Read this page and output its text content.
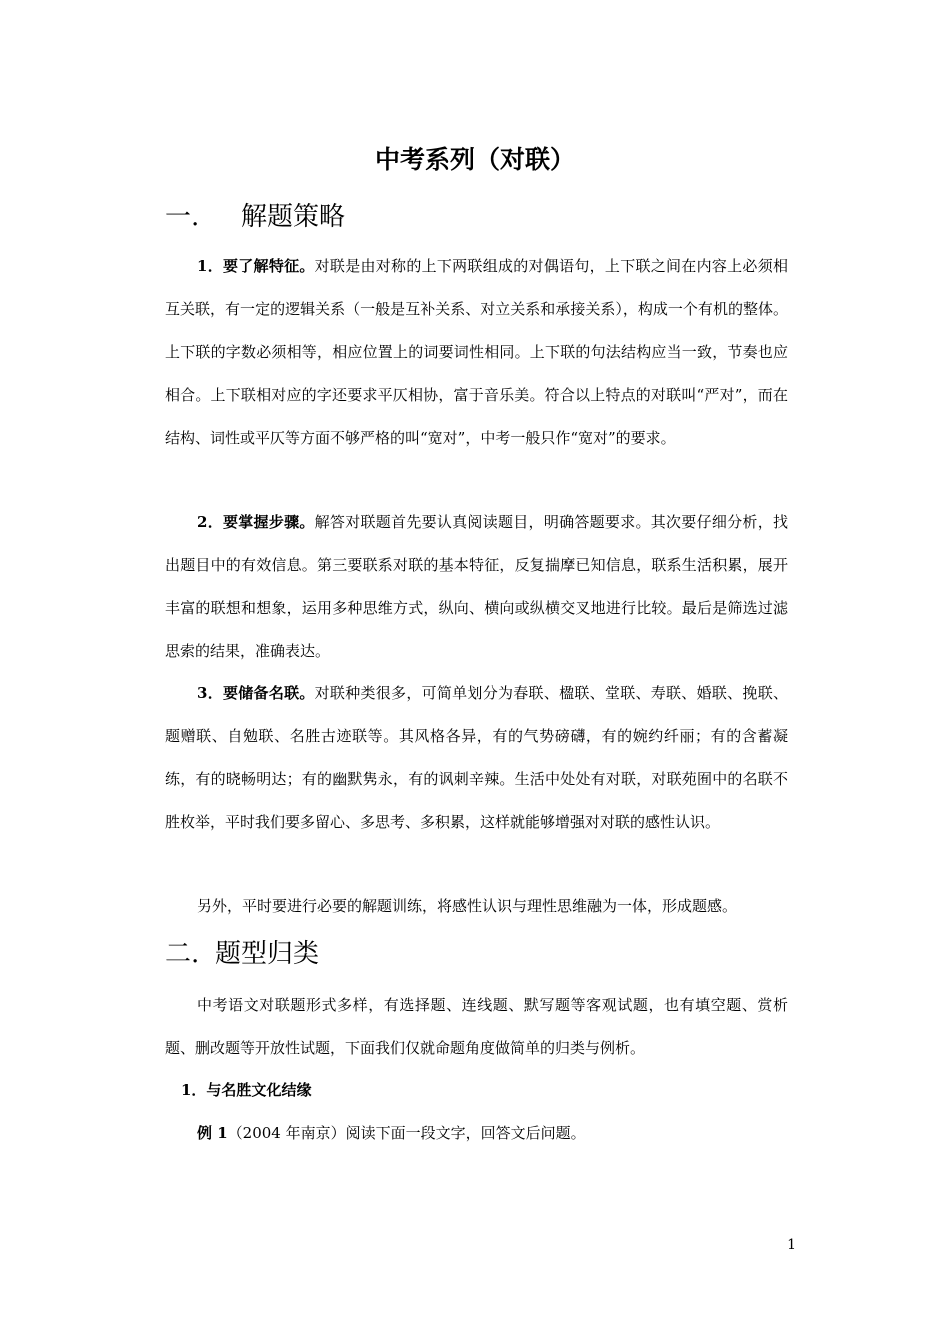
中考系列（对联）
一. 解题策略

1．要了解特征。对联是由对称的上下两联组成的对偶语句，上下联之间在内容上必须相互关联，有一定的逻辑关系（一般是互补关系、对立关系和承接关系），构成一个有机的整体。上下联的字数必须相等，相应位置上的词要词性相同。上下联的句法结构应当一致，节奏也应相合。上下联相对应的字还要求平仄相协，富于音乐美。符合以上特点的对联叫“严对”，而在结构、词性或平仄等方面不够严格的叫“宽对”，中考一般只作“宽对”的要求。

2．要掌握步骤。解答对联题首先要认真阅读题目，明确答题要求。其次要仔细分析，找出题目中的有效信息。第三要联系对联的基本特征，反复揣摩已知信息，联系生活积累，展开丰富的联想和想象，运用多种思维方式，纵向、横向或纵横交叉地进行比较。最后是筛选过滤思索的结果，准确表达。

3．要储备名联。对联种类很多，可简单划分为春联、楹联、堂联、寿联、婚联、挽联、题赠联、自勉联、名胜古迹联等。其风格各异，有的气势磅礴，有的婉约纤丽；有的含蓄凝练，有的晓畅明达；有的幽默隽永，有的讽刺辛辣。生活中处处有对联，对联苑囿中的名联不胜枚举，平时我们要多留心、多思考、多积累，这样就能够增强对对联的感性认识。

另外，平时要进行必要的解题训练，将感性认识与理性思维融为一体，形成题感。

二. 题型归类

中考语文对联题形式多样，有选择题、连线题、默写题等客观试题，也有填空题、赏析题、删改题等开放性试题，下面我们仅就命题角度做简单的归类与例析。

1．与名胜文化结缘

例 1（2004 年南京）阅读下面一段文字，回答文后问题。

1
